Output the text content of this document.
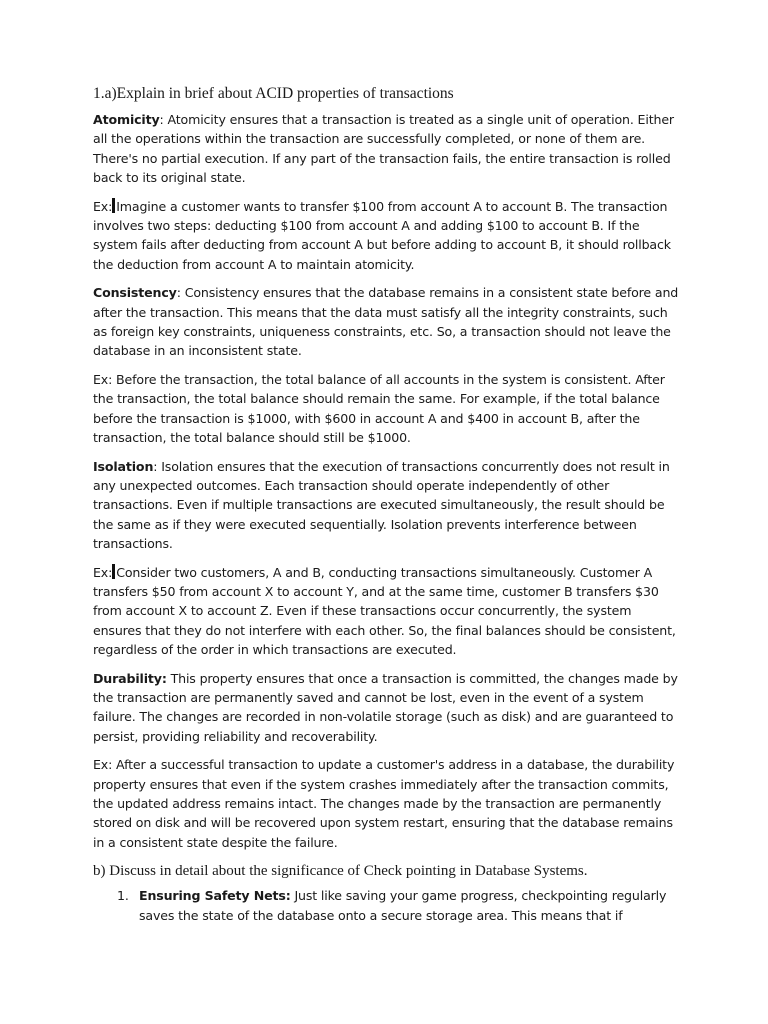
1.a)Explain in brief about ACID properties of transactions

Atomicity: Atomicity ensures that a transaction is treated as a single unit of operation. Either all the operations within the transaction are successfully completed, or none of them are. There's no partial execution. If any part of the transaction fails, the entire transaction is rolled back to its original state.

Ex: Imagine a customer wants to transfer $100 from account A to account B. The transaction involves two steps: deducting $100 from account A and adding $100 to account B. If the system fails after deducting from account A but before adding to account B, it should rollback the deduction from account A to maintain atomicity.

Consistency: Consistency ensures that the database remains in a consistent state before and after the transaction. This means that the data must satisfy all the integrity constraints, such as foreign key constraints, uniqueness constraints, etc. So, a transaction should not leave the database in an inconsistent state.

Ex: Before the transaction, the total balance of all accounts in the system is consistent. After the transaction, the total balance should remain the same. For example, if the total balance before the transaction is $1000, with $600 in account A and $400 in account B, after the transaction, the total balance should still be $1000.

Isolation: Isolation ensures that the execution of transactions concurrently does not result in any unexpected outcomes. Each transaction should operate independently of other transactions. Even if multiple transactions are executed simultaneously, the result should be the same as if they were executed sequentially. Isolation prevents interference between transactions.

Ex: Consider two customers, A and B, conducting transactions simultaneously. Customer A transfers $50 from account X to account Y, and at the same time, customer B transfers $30 from account X to account Z. Even if these transactions occur concurrently, the system ensures that they do not interfere with each other. So, the final balances should be consistent, regardless of the order in which transactions are executed.

Durability: This property ensures that once a transaction is committed, the changes made by the transaction are permanently saved and cannot be lost, even in the event of a system failure. The changes are recorded in non-volatile storage (such as disk) and are guaranteed to persist, providing reliability and recoverability.

Ex: After a successful transaction to update a customer's address in a database, the durability property ensures that even if the system crashes immediately after the transaction commits, the updated address remains intact. The changes made by the transaction are permanently stored on disk and will be recovered upon system restart, ensuring that the database remains in a consistent state despite the failure.

b) Discuss in detail about the significance of Check pointing in Database Systems.
1. Ensuring Safety Nets: Just like saving your game progress, checkpointing regularly saves the state of the database onto a secure storage area. This means that if
